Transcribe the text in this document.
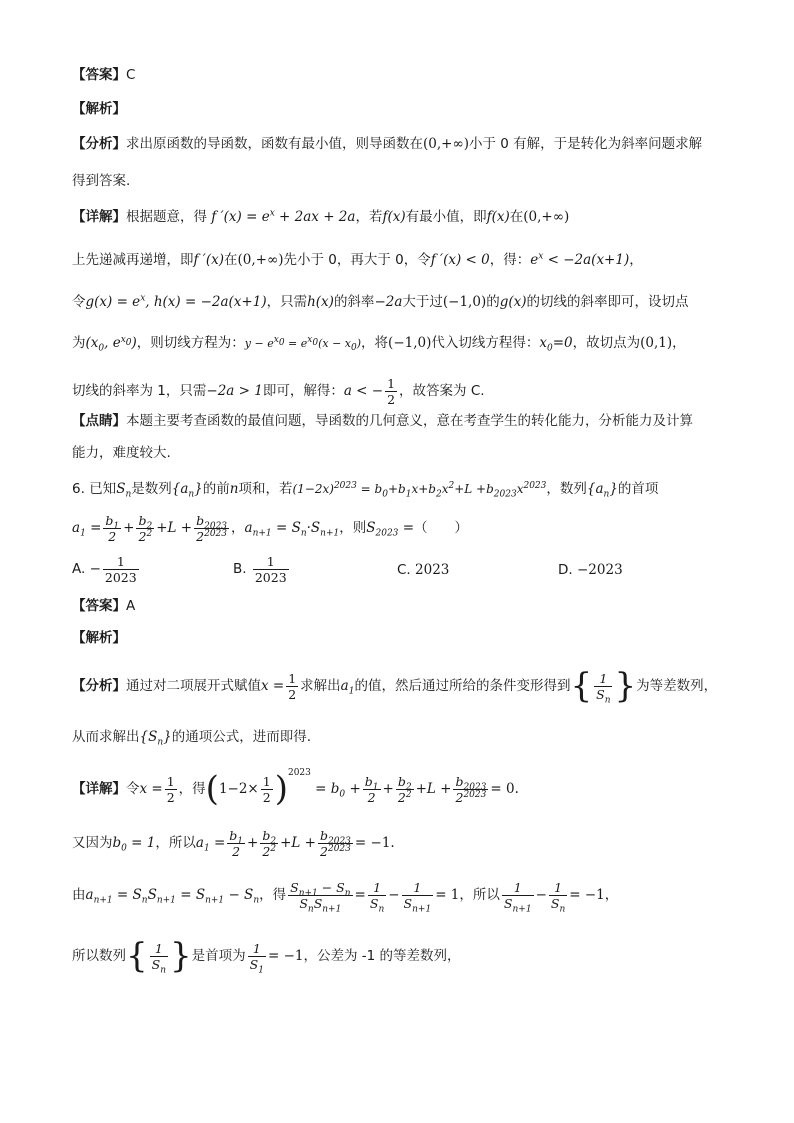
【答案】C
【解析】
【分析】求出原函数的导函数，函数有最小值，则导函数在(0,+∞)小于 0 有解，于是转化为斜率问题求解
得到答案.
【详解】根据题意，得 f $'(x) = e^x + 2ax + 2a$，若f(x)有最小值，即f(x)在(0,+∞)
上先递减再递增，即f ′(x)在(0,+∞)先小于 0，再大于 0，令f ′(x) < 0，得：$e^x < -2a(x+1)$，
令$g(x) = e^x$, h(x) = −2a(x+1)，只需h(x)的斜率−2a大于过(−1,0)的g(x)的切线的斜率即可，设切点
为($x_0$, $e^{x_0}$)，则切线方程为：$y - e^{x_0} = e^{x_0}(x - x_0)$，将(−1,0)代入切线方程得：$x_0=0$，故切点为(0,1)，
切线的斜率为 1，只需−2a > 1即可，解得：a < − $\frac{1}{2}$ ，故答案为 C.
【点睛】本题主要考查函数的最值问题，导函数的几何意义，意在考查学生的转化能力，分析能力及计算
能力，难度较大.
6. 已知$S_n$是数列$\{a_n\}$的前n项和，若$(1-2x)^{2023} = b_0+b_1x+b_2x^2+L +b_{2023}x^{2023}$，数列$\{a_n\}$的首项
$a_1 = \frac{b_1}{2} + \frac{b_2}{2^2} +L + \frac{b_{2023}}{2^{2023}}$ ，$a_{n+1} = S_n\cdot S_{n+1}$，则$S_{2023}$ =（　　）
A. − $\frac{1}{2023}$	B. $\frac{1}{2023}$	C. 2023	D. −2023
【答案】A
【解析】
【分析】通过对二项展开式赋值$x = \frac{1}{2}$ 求解出$a_1$的值，然后通过所给的条件变形得到{ $\frac{1}{S_n}$ }为等差数列，
从而求解出$\{S_n\}$的通项公式，进而即得.
【详解】令$x = \frac{1}{2}$ ，得$(1-2\times \frac{1}{2} )^{2023} = b_0 + \frac{b_1}{2} + \frac{b_2}{2^2} +L + \frac{b_{2023}}{2^{2023}} = 0$.
又因为$b_0 = 1$，所以$a_1 = \frac{b_1}{2} + \frac{b_2}{2^2} +L + \frac{b_{2023}}{2^{2023}} = -1$.
由$a_{n+1} = S_nS_{n+1} = S_{n+1} - S_n$，得 $\frac{S_{n+1} - S_n}{S_nS_{n+1}} = \frac{1}{S_n} - \frac{1}{S_{n+1}} = 1$，所以 $\frac{1}{S_{n+1}} - \frac{1}{S_n} = -1$，
所以数列{ $\frac{1}{S_n}$ }是首项为 $\frac{1}{S_1} = -1$，公差为 -1 的等差数列，
